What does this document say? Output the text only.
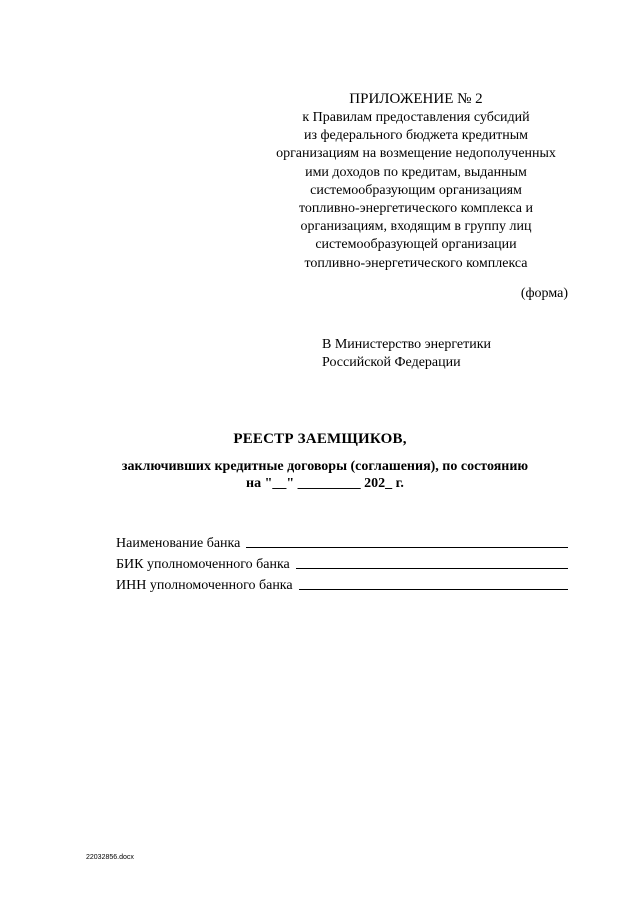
ПРИЛОЖЕНИЕ № 2
к Правилам предоставления субсидий
из федерального бюджета кредитным
организациям на возмещение недополученных
ими доходов по кредитам, выданным
системообразующим организациям
топливно-энергетического комплекса и
организациям, входящим в группу лиц
системообразующей организации
топливно-энергетического комплекса
(форма)
В Министерство энергетики
Российской Федерации
РЕЕСТР ЗАЕМЩИКОВ,
заключивших кредитные договоры (соглашения), по состоянию
на "__" _________ 202_ г.
Наименование банка
БИК уполномоченного банка
ИНН уполномоченного банка
22032856.docx
